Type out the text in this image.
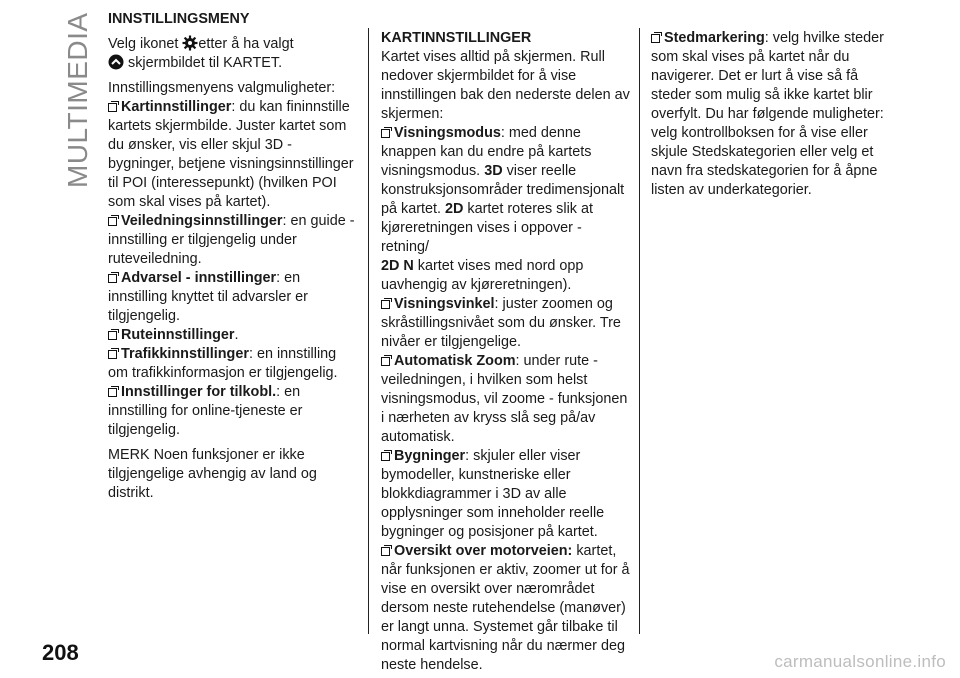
MULTIMEDIA INNSTILLINGSMENY

Velg ikonet etter å ha valgt
skjermbildet til KARTET.

Innstillingsmenyens valgmuligheter:

Kartinnstillinger: du kan fininnstille kartets skjermbilde. Juster kartet som du ønsker, vis eller skjul 3D - bygninger, betjene visningsinnstillinger til POI (interessepunkt) (hvilken POI som skal vises på kartet).

Veiledningsinnstillinger: en guide - innstilling er tilgjengelig under ruteveiledning.

Advarsel - innstillinger: en innstilling knyttet til advarsler er tilgjengelig.

Ruteinnstillinger.

Trafikkinnstillinger: en innstilling om trafikkinformasjon er tilgjengelig.

Innstillinger for tilkobl.: en innstilling for online-tjeneste er tilgjengelig.

MERK Noen funksjoner er ikke tilgjengelige avhengig av land og distrikt.

KARTINNSTILLINGER

Kartet vises alltid på skjermen. Rull nedover skjermbildet for å vise innstillingen bak den nederste delen av skjermen:

Visningsmodus: med denne knappen kan du endre på kartets visningsmodus. 3D viser reelle konstruksjonsområder tredimensjonalt på kartet. 2D kartet roteres slik at kjøreretningen vises i oppover - retning/
2D N kartet vises med nord opp uavhengig av kjøreretningen).

Visningsvinkel: juster zoomen og skråstillingsnivået som du ønsker. Tre nivåer er tilgjengelige.

Automatisk Zoom: under rute - veiledningen, i hvilken som helst visningsmodus, vil zoome - funksjonen i nærheten av kryss slå seg på/av automatisk.

Bygninger: skjuler eller viser bymodeller, kunstneriske eller blokkdiagrammer i 3D av alle opplysninger som inneholder reelle bygninger og posisjoner på kartet.

Oversikt over motorveien: kartet, når funksjonen er aktiv, zoomer ut for å vise en oversikt over nærområdet dersom neste rutehendelse (manøver) er langt unna. Systemet går tilbake til normal kartvisning når du nærmer deg neste hendelse.

Stedmarkering: velg hvilke steder som skal vises på kartet når du navigerer. Det er lurt å vise så få steder som mulig så ikke kartet blir overfylt. Du har følgende muligheter: velg kontrollboksen for å vise eller skjule Stedskategorien eller velg et navn fra stedskategorien for å åpne listen av underkategorier.

208	carmanualsonline.info
